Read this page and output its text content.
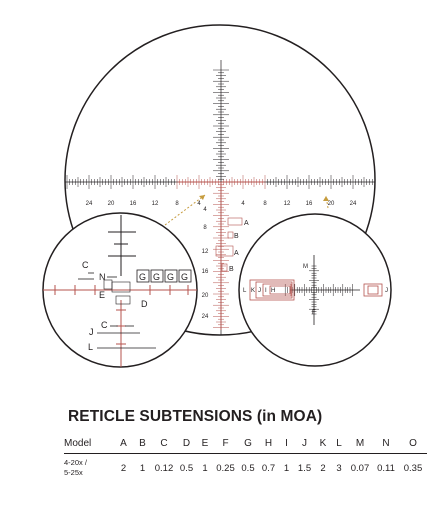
24	20	16	12	8	4	4	8	12	16	20	24
4
8
12
16
20
24
A
B
A
B
C
N	G G G G
E
D
C
J
L
M
F
L K J I H	J
RETICLE SUBTENSIONS (in MOA)
Model	A	B	C	D	E	F	G	H	I	J	K	L	M	N	O

4-20x /
5-25x	2	1	0.12	0.5	1	0.25	0.5	0.7	1	1.5	2	3	0.07	0.11	0.35
